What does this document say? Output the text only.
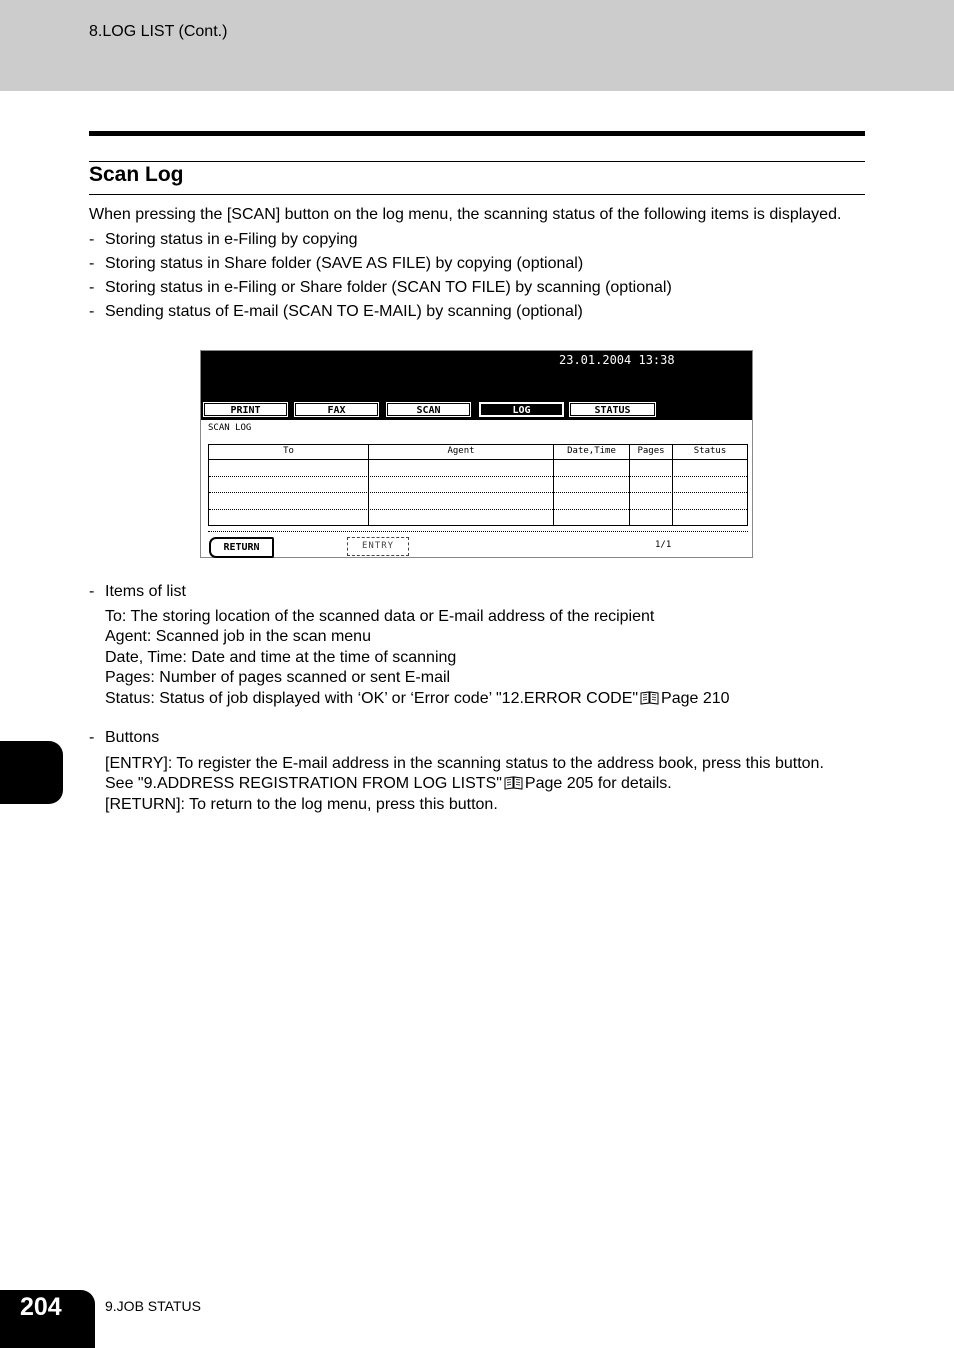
8.LOG LIST (Cont.)
Scan Log
When pressing the [SCAN] button on the log menu, the scanning status of the following items is displayed.
- Storing status in e-Filing by copying
- Storing status in Share folder (SAVE AS FILE) by copying (optional)
- Storing status in e-Filing or Share folder (SCAN TO FILE) by scanning (optional)
- Sending status of E-mail (SCAN TO E-MAIL) by scanning (optional)
23.01.2004 13:38
PRINT	FAX	SCAN	LOG	STATUS
SCAN LOG
To	Agent	Date,Time	Pages	Status
RETURN	ENTRY	1/1
- Items of list
To: The storing location of the scanned data or E-mail address of the recipient
Agent: Scanned job in the scan menu
Date, Time: Date and time at the time of scanning
Pages: Number of pages scanned or sent E-mail
Status: Status of job displayed with ‘OK’ or ‘Error code’ "12.ERROR CODE" Page 210
- Buttons
[ENTRY]: To register the E-mail address in the scanning status to the address book, press this button.
See "9.ADDRESS REGISTRATION FROM LOG LISTS" Page 205 for details.
[RETURN]: To return to the log menu, press this button.
204	9.JOB STATUS
